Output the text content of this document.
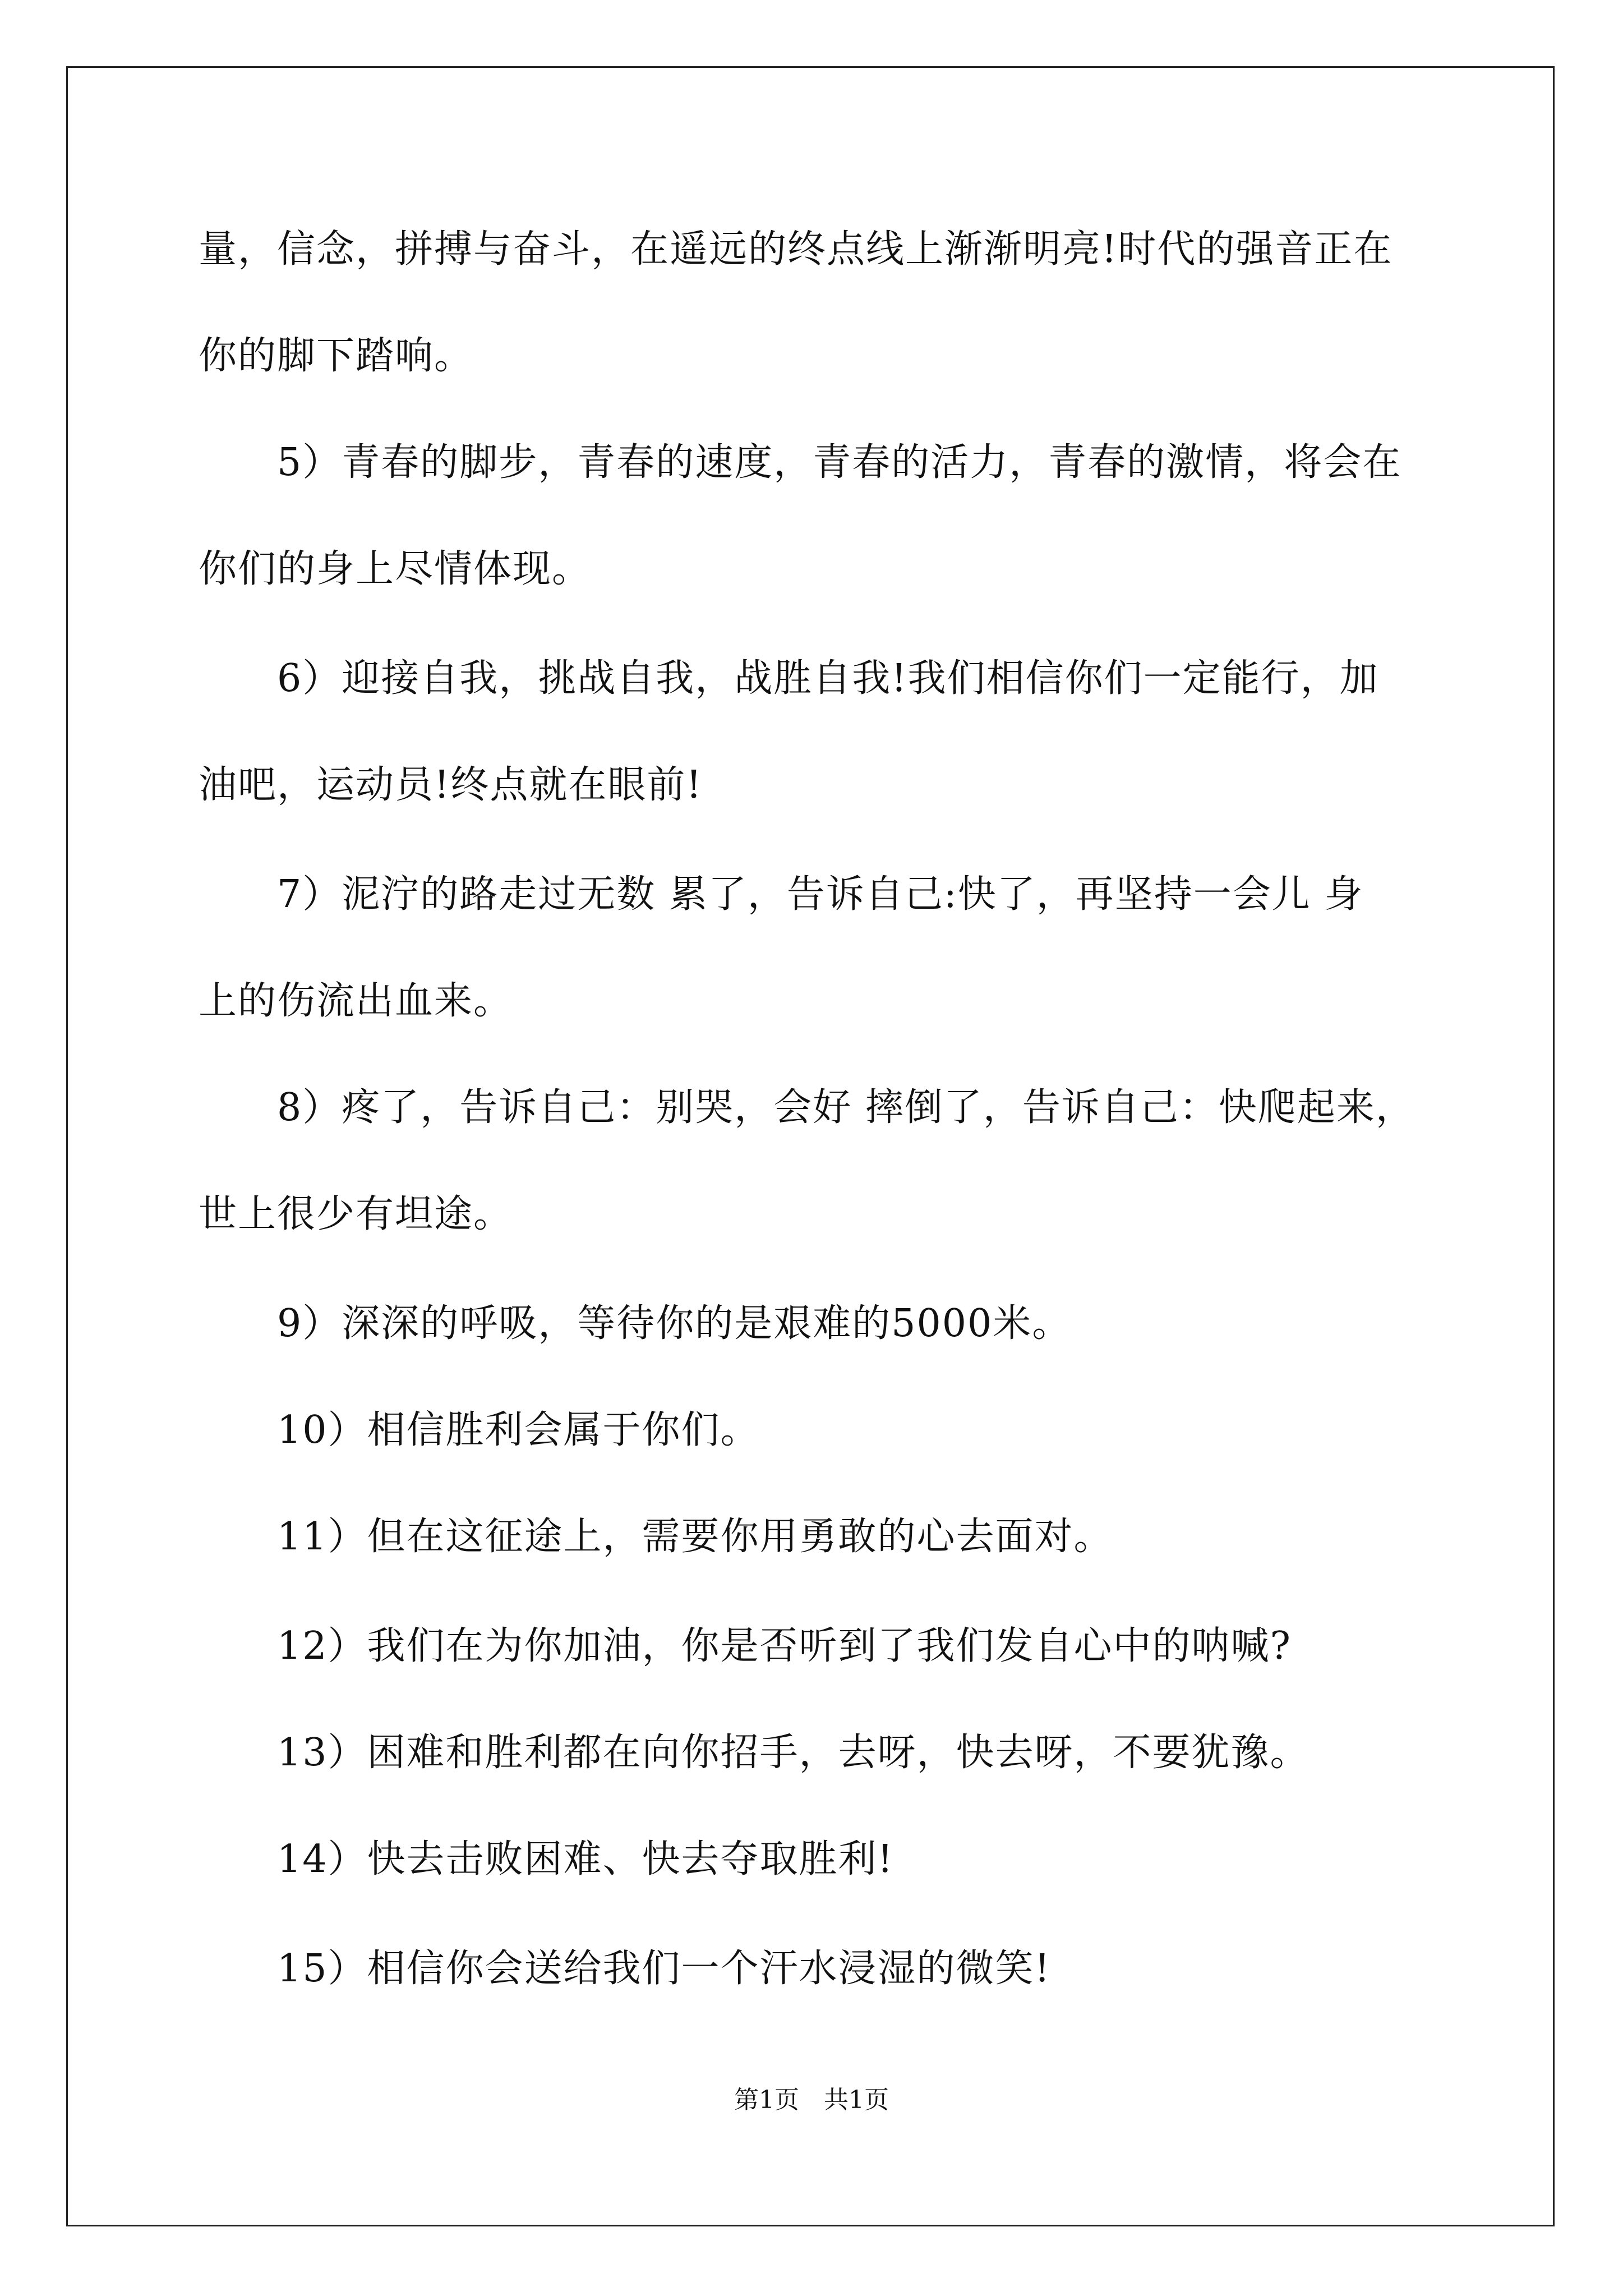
量，信念，拼搏与奋斗，在遥远的终点线上渐渐明亮!时代的强音正在
你的脚下踏响。
5）青春的脚步，青春的速度，青春的活力，青春的激情，将会在
你们的身上尽情体现。
6）迎接自我，挑战自我，战胜自我!我们相信你们一定能行，加
油吧，运动员!终点就在眼前!
7）泥泞的路走过无数 累了，告诉自己:快了，再坚持一会儿 身
上的伤流出血来。
8）疼了，告诉自己：别哭，会好 摔倒了，告诉自己：快爬起来，
世上很少有坦途。
9）深深的呼吸，等待你的是艰难的5000米。
10）相信胜利会属于你们。
11）但在这征途上，需要你用勇敢的心去面对。
12）我们在为你加油，你是否听到了我们发自心中的呐喊?
13）困难和胜利都在向你招手，去呀，快去呀，不要犹豫。
14）快去击败困难、快去夺取胜利!
15）相信你会送给我们一个汗水浸湿的微笑!
第1页　共1页
